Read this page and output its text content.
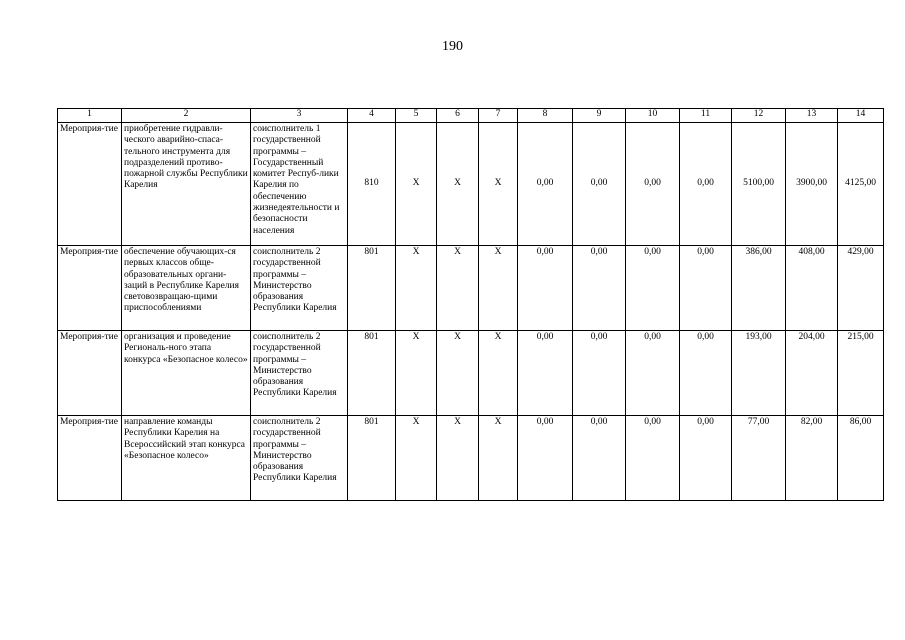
190
1	2	3	4	5	6	7	8	9	10	11	12	13	14
Мероприя-тие	приобретение гидравли-ческого аварийно-спаса-тельного инструмента для подразделений противо-пожарной службы Республики Карелия	соисполнитель 1 государственной программы – Государственный комитет Респуб-лики Карелия по обеспечению жизнедеятельности и безопасности населения	810	X	X	X	0,00	0,00	0,00	0,00	5100,00	3900,00	4125,00
Мероприя-тие	обеспечение обучающих-ся первых классов обще-образовательных органи-заций в Республике Карелия световозвращаю-щими приспособлениями	соисполнитель 2 государственной программы – Министерство образования Республики Карелия	801	X	X	X	0,00	0,00	0,00	0,00	386,00	408,00	429,00
Мероприя-тие	организация и проведение Региональ-ного этапа конкурса «Безопасное колесо»	соисполнитель 2 государственной программы – Министерство образования Республики Карелия	801	X	X	X	0,00	0,00	0,00	0,00	193,00	204,00	215,00
Мероприя-тие	направление команды Республики Карелия на Всероссийский этап конкурса «Безопасное колесо»	соисполнитель 2 государственной программы – Министерство образования Республики Карелия	801	X	X	X	0,00	0,00	0,00	0,00	77,00	82,00	86,00
